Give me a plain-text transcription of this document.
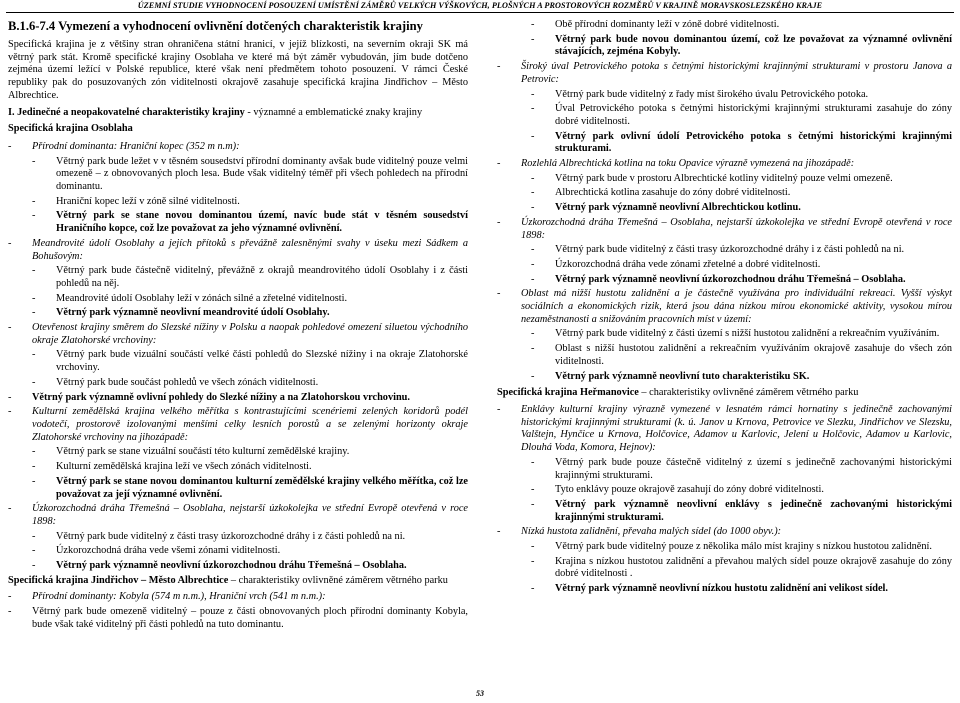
ÚZEMNÍ STUDIE VYHODNOCENÍ POSOUZENÍ UMÍSTĚNÍ ZÁMĚRŮ VELKÝCH VÝŠKOVÝCH, PLOŠNÝCH A PROSTOROVÝCH ROZMĚRŮ V KRAJINĚ MORAVSKOSLEZSKÉHO KRAJE
B.1.6-7.4 Vymezení a vyhodnocení ovlivnění dotčených charakteristik krajiny
Specifická krajina je z většiny stran ohraničena státní hranicí, v jejíž blízkosti, na severním okraji SK má větrný park stát. Kromě specifické krajiny Osoblaha ve které má být záměr vybudován, jím bude dotčeno zejména území ležící v Polské republice, které však není předmětem tohoto posouzení. V rámci České republiky pak do posuzovaných zón viditelnosti okrajově zasahuje specifická krajina Jindřichov – Město Albrechtice.
I. Jedinečné a neopakovatelné charakteristiky krajiny - významné a emblematické znaky krajiny
Specifická krajina Osoblaha
-	Přírodní dominanta: Hraniční kopec (352 m n.m):
-	Větrný park bude ležet v v těsném sousedství přírodní dominanty avšak bude viditelný pouze velmi omezeně – z obnovovaných ploch lesa. Bude však viditelný téměř při všech pohledech na přírodní dominantu.
-	Hraniční kopec leží v zóně silné viditelnosti.
-	Větrný park se stane novou dominantou území, navíc bude stát v těsném sousedství Hraničního kopce, což lze považovat za jeho významné ovlivnění.
-	Meandrovité údolí Osoblahy a jejích přítoků s převážně zalesněnými svahy v úseku mezi Sádkem a Bohušovým:
-	Větrný park bude částečně viditelný, převážně z okrajů meandrovitého údolí Osoblahy i z části pohledů na něj.
-	Meandrovité údolí Osoblahy leží v zónách silné a zřetelné viditelnosti.
-	Větrný park významně neovlivní meandrovité údolí Osoblahy.
-	Otevřenost krajiny směrem do Slezské nížiny v Polsku a naopak pohledové omezení siluetou východního okraje Zlatohorské vrchoviny:
-	Větrný park bude vizuální součástí velké části pohledů do Slezské nížiny i na okraje Zlatohorské vrchoviny.
-	Větrný park bude součást pohledů ve všech zónách viditelnosti.
-	Větrný park významně ovlivní pohledy do Slezké nížiny a na Zlatohorskou vrchovinu.
-	Kulturní zemědělská krajina velkého měřítka s kontrastujícími scenériemi zelených koridorů podél vodotečí, prostorově izolovanými menšími celky lesních porostů a se zelenými horizonty okraje Zlatohorské vrchoviny na jihozápadě:
-	Větrný park se stane vizuální součástí této kulturní zemědělské krajiny.
-	Kulturní zemědělská krajina leží ve všech zónách viditelnosti.
-	Větrný park se stane novou dominantou kulturní zemědělské krajiny velkého měřítka, což lze považovat za její významné ovlivnění.
-	Úzkorozchodná dráha Třemešná – Osoblaha, nejstarší úzkokolejka ve střední Evropě otevřená v roce 1898:
-	Větrný park bude viditelný z části trasy úzkorozchodné dráhy i z části pohledů na ni.
-	Úzkorozchodná dráha vede všemi zónami viditelnosti.
-	Větrný park významně neovlivní úzkorozchodnou dráhu Třemešná – Osoblaha.
Specifická krajina Jindřichov – Město Albrechtice – charakteristiky ovlivněné záměrem větrného parku
-	Přírodní dominanty: Kobyla (574 m n.m.), Hraniční vrch (541 m n.m.):
-	Větrný park bude omezeně viditelný – pouze z části obnovovaných ploch přírodní dominanty Kobyla, bude však také viditelný při části pohledů na tuto dominantu.
-	Obě přírodní dominanty leží v zóně dobré viditelnosti.
-	Větrný park bude novou dominantou území, což lze považovat za významné ovlivnění stávajících, zejména Kobyly.
-	Široký úval Petrovického potoka s četnými historickými krajinnými strukturami v prostoru Janova a Petrovic:
-	Větrný park bude viditelný z řady míst širokého úvalu Petrovického potoka.
-	Úval Petrovického potoka s četnými historickými krajinnými strukturami zasahuje do zóny dobré viditelnosti.
-	Větrný park ovlivní údolí Petrovického potoka s četnými historickými krajinnými strukturami.
-	Rozlehlá Albrechtická kotlina na toku Opavice výrazně vymezená na jihozápadě:
-	Větrný park bude v prostoru Albrechtické kotliny viditelný pouze velmi omezeně.
-	Albrechtická kotlina zasahuje do zóny dobré viditelnosti.
-	Větrný park významně neovlivní Albrechtickou kotlinu.
-	Úzkorozchodná dráha Třemešná – Osoblaha, nejstarší úzkokolejka ve střední Evropě otevřená v roce 1898:
-	Větrný park bude viditelný z části trasy úzkorozchodné dráhy i z části pohledů na ni.
-	Úzkorozchodná dráha vede zónami zřetelné a dobré viditelnosti.
-	Větrný park významně neovlivní úzkorozchodnou dráhu Třemešná – Osoblaha.
-	Oblast má nižší hustotu zalidnění a je částečně využívána pro individuální rekreaci. Vyšší výskyt sociálních a ekonomických rizik, která jsou dána nízkou mírou ekonomické aktivity, vysokou mírou nezaměstnanosti a snižováním pracovních míst v území:
-	Větrný park bude viditelný z části území s nižší hustotou zalidnění a rekreačním využíváním.
-	Oblast s nižší hustotou zalidnění a rekreačním využíváním okrajově zasahuje do všech zón viditelnosti.
-	Větrný park významně neovlivní tuto charakteristiku SK.
Specifická krajina Heřmanovice – charakteristiky ovlivněné záměrem větrného parku
-	Enklávy kulturní krajiny výrazně vymezené v lesnatém rámci hornatiny s jedinečně zachovanými historickými krajinnými strukturami (k. ú. Janov u Krnova, Petrovice ve Slezku, Jindřichov ve Slezsku, Valštejn, Hynčice u Krnova, Holčovice, Adamov u Karlovic, Jelení u Holčovic, Adamov u Karlovic, Dlouhá Voda, Komora, Hejnov):
-	Větrný park bude pouze částečně viditelný z území s jedinečně zachovanými historickými krajinnými strukturami.
-	Tyto enklávy pouze okrajově zasahují do zóny dobré viditelnosti.
-	Větrný park významně neovlivní enklávy s jedinečně zachovanými historickými krajinnými strukturami.
-	Nízká hustota zalidnění, převaha malých sídel (do 1000 obyv.):
-	Větrný park bude viditelný pouze z několika málo míst krajiny s nízkou hustotou zalidnění.
-	Krajina s nízkou hustotou zalidnění a převahou malých sídel pouze okrajově zasahuje do zóny dobré viditelnosti .
-	Větrný park významně neovlivní nízkou hustotu zalidnění ani velikost sídel.
53
